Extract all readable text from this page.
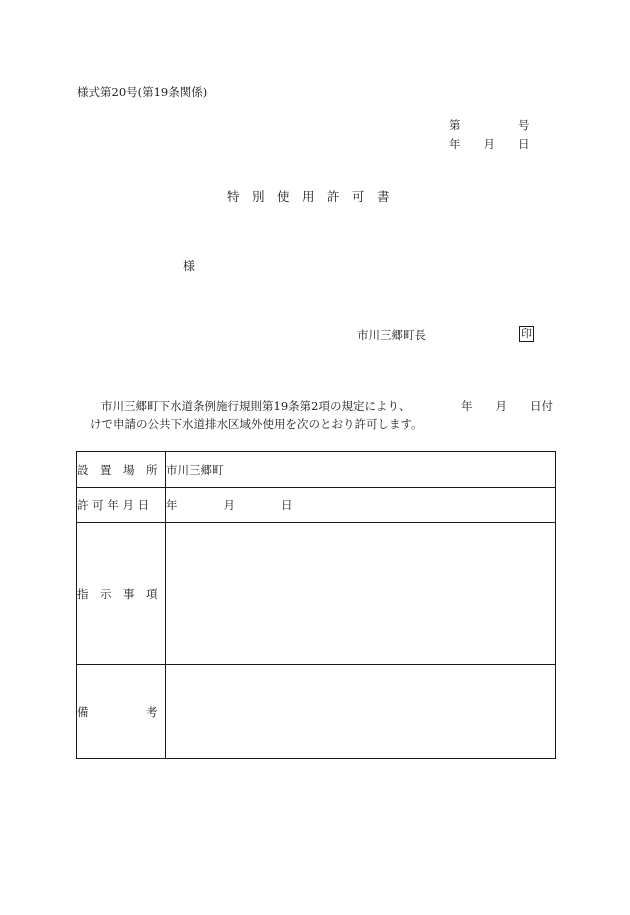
様式第20号(第19条関係)
第　　　　　号
年　　月　　日
特　別　使　用　許　可　書
様
市川三郷町長	印
市川三郷町下水道条例施行規則第19条第2項の規定により、	年　　月　　日付
けで申請の公共下水道排水区域外使用を次のとおり許可します。
設　置　場　所	市川三郷町
許 可 年 月 日	年　　　　月　　　　日
指　示　事　項	
備　　　　　考	
